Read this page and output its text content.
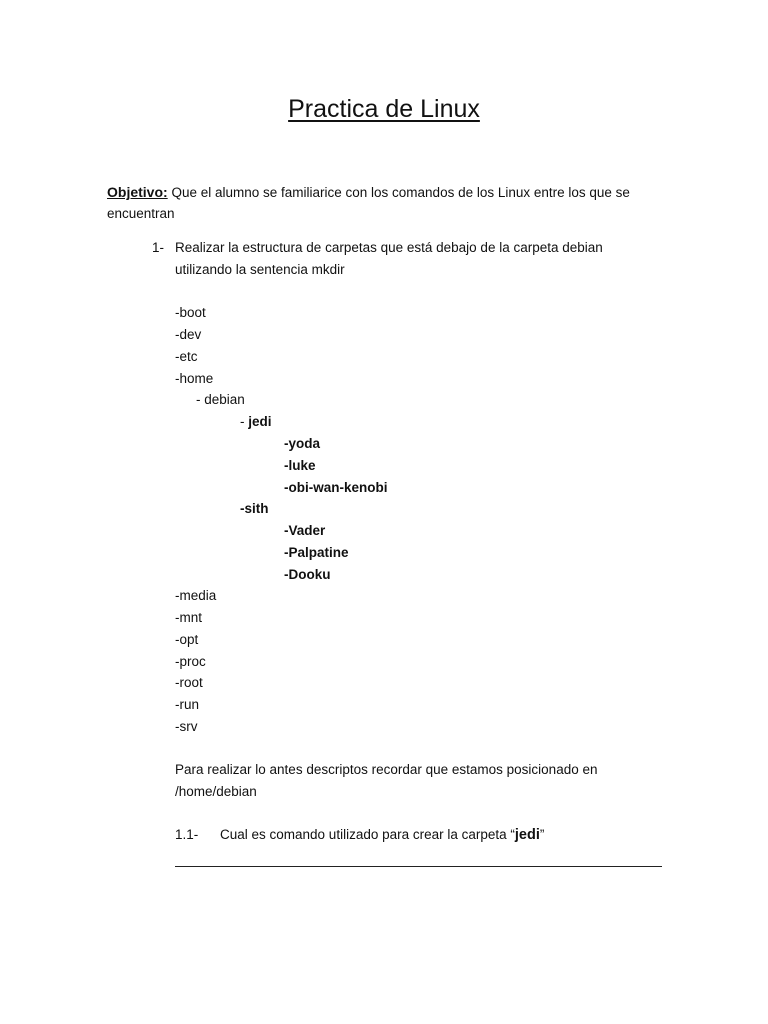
Practica de Linux
Objetivo: Que el alumno se familiarice con los comandos de los Linux entre los que se
encuentran
1- Realizar la estructura de carpetas que está debajo de la carpeta debian
utilizando la sentencia mkdir
-boot
-dev
-etc
-home
- debian
- jedi
-yoda
-luke
-obi-wan-kenobi
-sith
-Vader
-Palpatine
-Dooku
-media
-mnt
-opt
-proc
-root
-run
-srv
Para realizar lo antes descriptos recordar que estamos posicionado en
/home/debian
1.1- Cual es comando utilizado para crear la carpeta “jedi”
